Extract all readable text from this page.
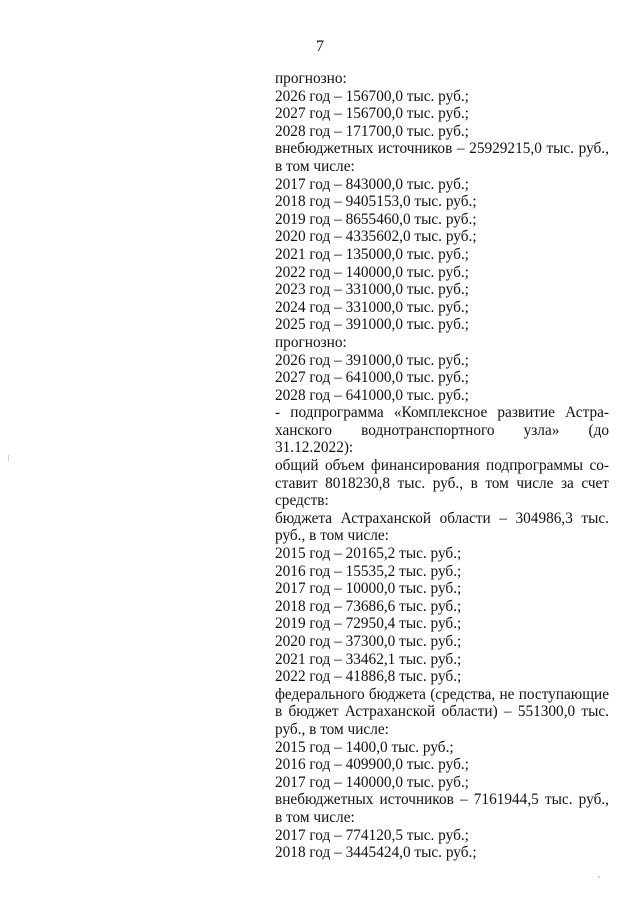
7
прогнозно:
2026 год – 156700,0 тыс. руб.;
2027 год – 156700,0 тыс. руб.;
2028 год – 171700,0 тыс. руб.;
внебюджетных источников – 25929215,0 тыс. руб.,
в том числе:
2017 год – 843000,0 тыс. руб.;
2018 год – 9405153,0 тыс. руб.;
2019 год – 8655460,0 тыс. руб.;
2020 год – 4335602,0 тыс. руб.;
2021 год – 135000,0 тыс. руб.;
2022 год – 140000,0 тыс. руб.;
2023 год – 331000,0 тыс. руб.;
2024 год – 331000,0 тыс. руб.;
2025 год – 391000,0 тыс. руб.;
прогнозно:
2026 год – 391000,0 тыс. руб.;
2027 год – 641000,0 тыс. руб.;
2028 год – 641000,0 тыс. руб.;
- подпрограмма «Комплексное развитие Астра-
ханского воднотранспортного узла» (до
31.12.2022):
общий объем финансирования подпрограммы со-
ставит 8018230,8 тыс. руб., в том числе за счет
средств:
бюджета Астраханской области – 304986,3 тыс.
руб., в том числе:
2015 год – 20165,2 тыс. руб.;
2016 год – 15535,2 тыс. руб.;
2017 год – 10000,0 тыс. руб.;
2018 год – 73686,6 тыс. руб.;
2019 год – 72950,4 тыс. руб.;
2020 год – 37300,0 тыс. руб.;
2021 год – 33462,1 тыс. руб.;
2022 год – 41886,8 тыс. руб.;
федерального бюджета (средства, не поступающие
в бюджет Астраханской области) – 551300,0 тыс.
руб., в том числе:
2015 год – 1400,0 тыс. руб.;
2016 год – 409900,0 тыс. руб.;
2017 год – 140000,0 тыс. руб.;
внебюджетных источников – 7161944,5 тыс. руб.,
в том числе:
2017 год – 774120,5 тыс. руб.;
2018 год – 3445424,0 тыс. руб.;
